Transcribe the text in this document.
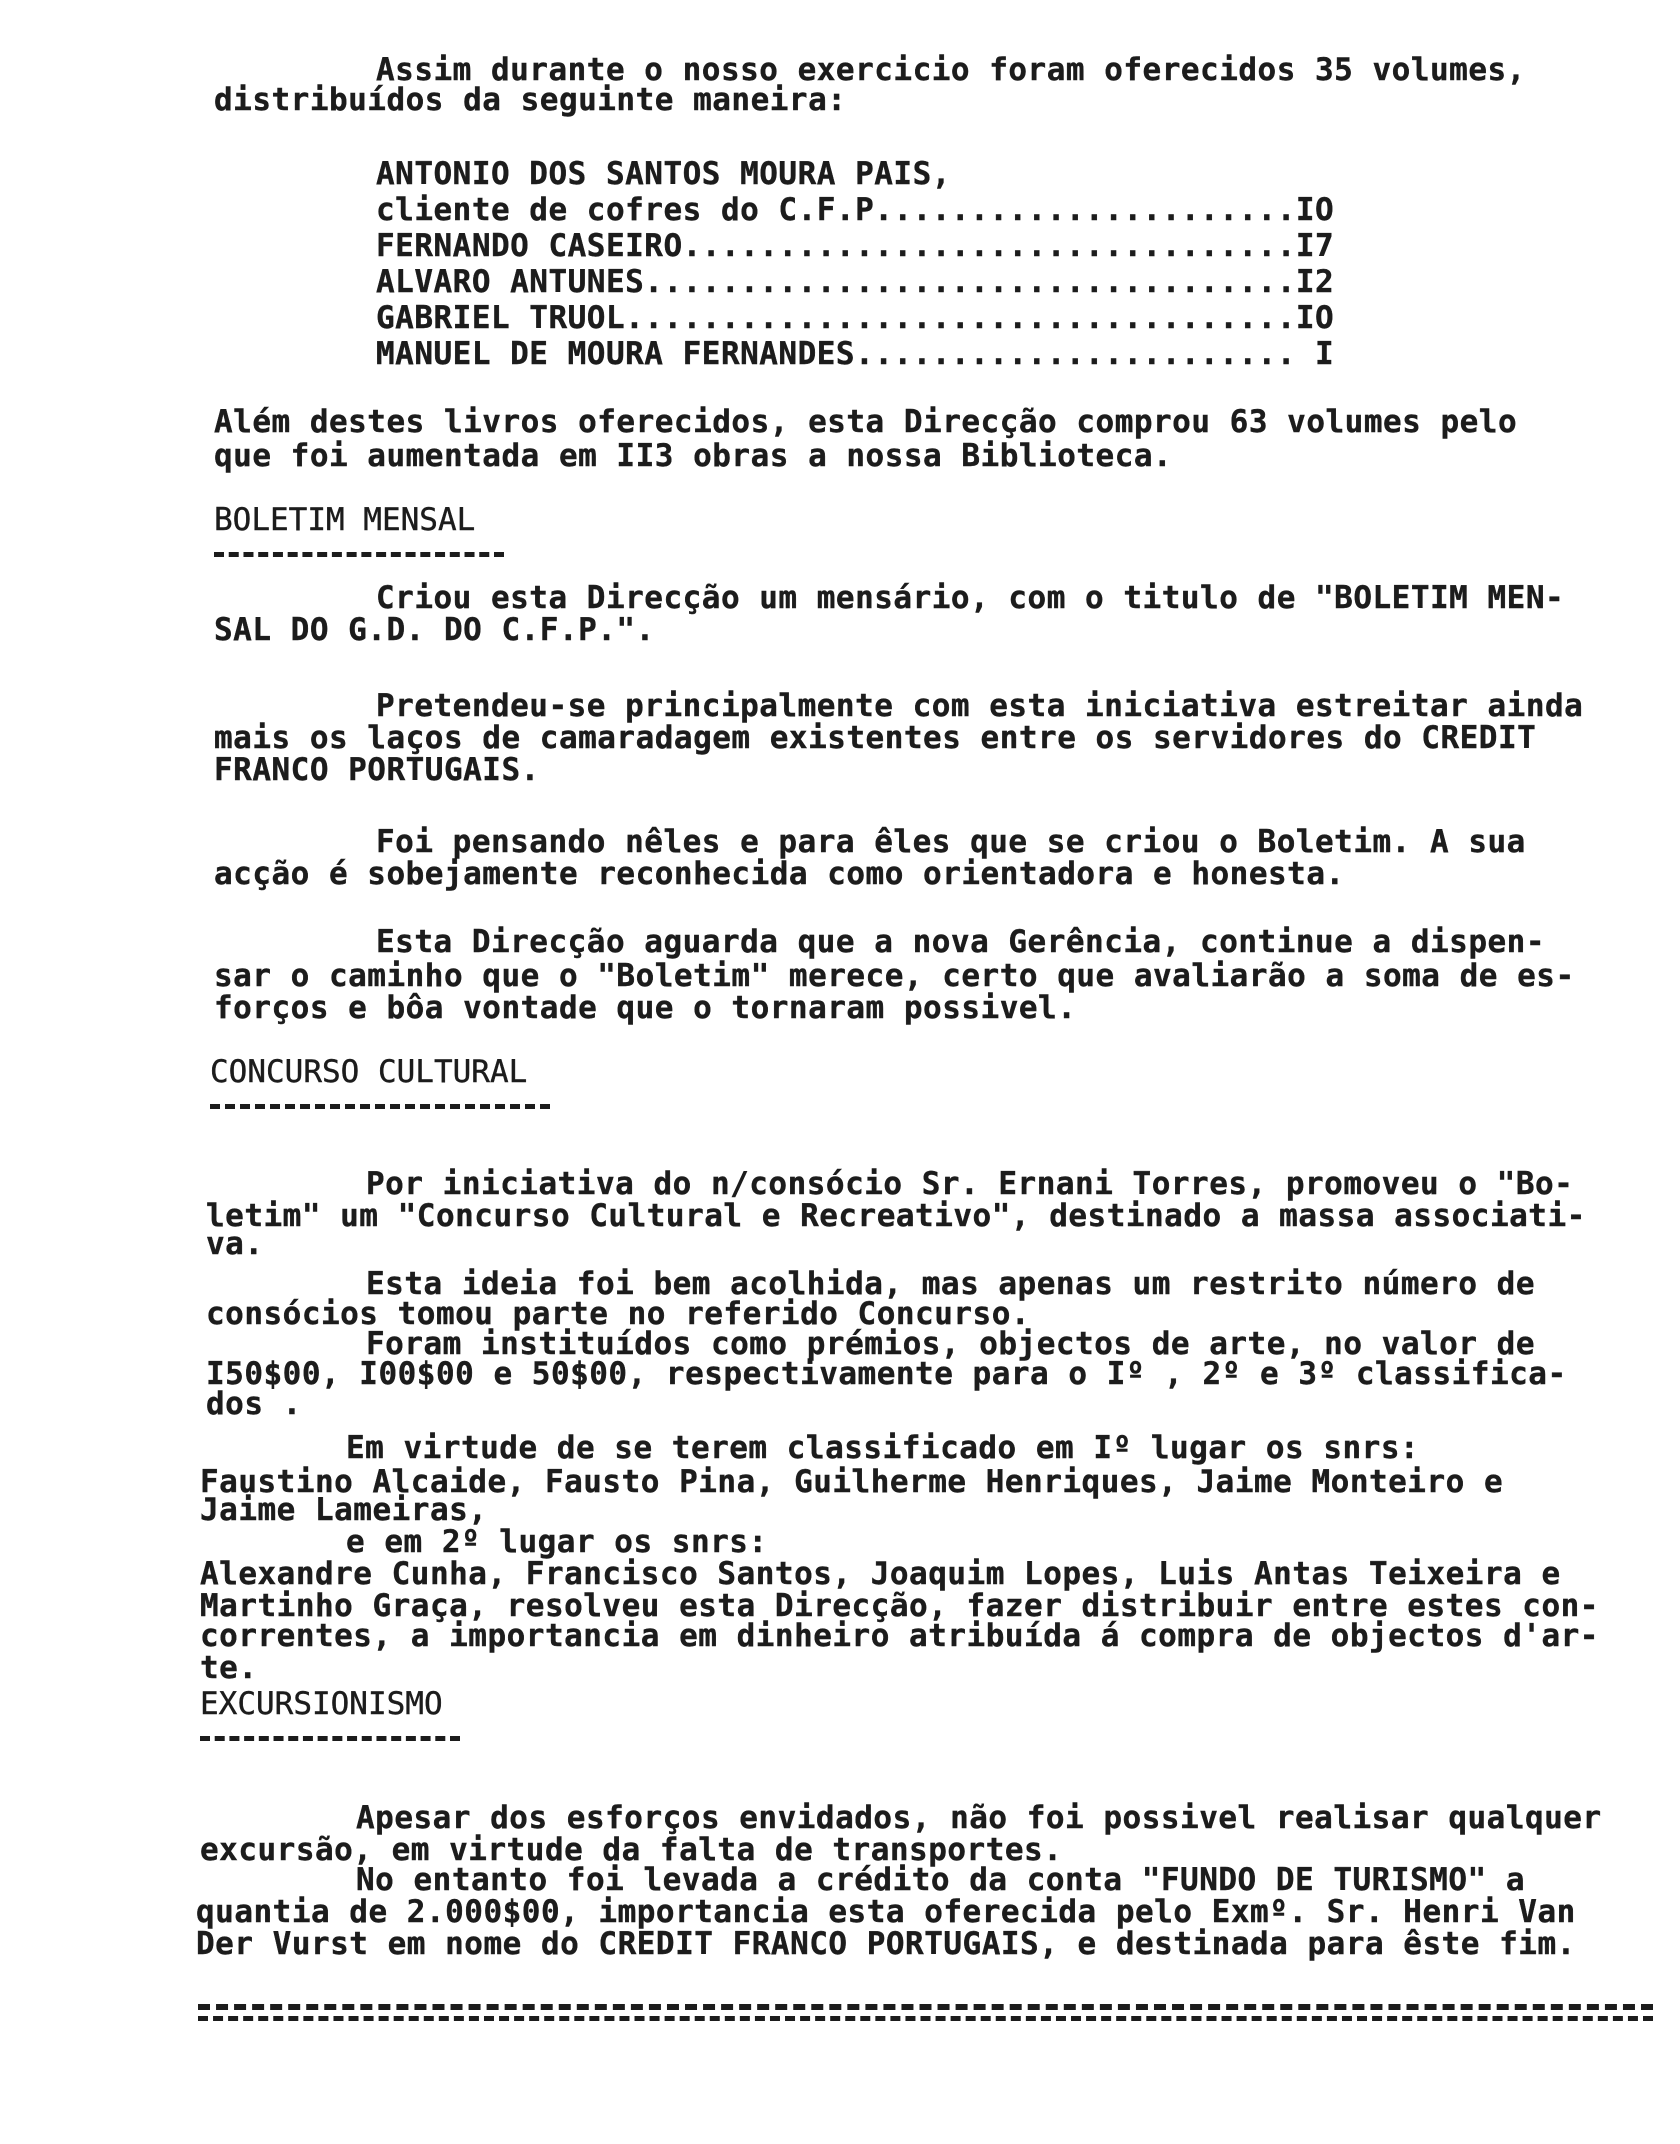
Assim durante o nosso exercicio foram oferecidos 35 volumes,
distribuídos da seguinte maneira:
ANTONIO DOS SANTOS MOURA PAIS,
cliente de cofres do C.F.P......................IO
FERNANDO CASEIRO................................I7
ALVARO ANTUNES..................................I2
GABRIEL TRUOL...................................IO
MANUEL DE MOURA FERNANDES....................... I
Além destes livros oferecidos, esta Direcção comprou 63 volumes pelo
que foi aumentada em II3 obras a nossa Biblioteca.
BOLETIM MENSAL
Criou esta Direcção um mensário, com o titulo de "BOLETIM MEN-
SAL DO G.D. DO C.F.P.".
Pretendeu-se principalmente com esta iniciativa estreitar ainda
mais os laços de camaradagem existentes entre os servidores do CREDIT
FRANCO PORTUGAIS.
Foi pensando nêles e para êles que se criou o Boletim. A sua
acção é sobejamente reconhecida como orientadora e honesta.
Esta Direcção aguarda que a nova Gerência, continue a dispen-
sar o caminho que o "Boletim" merece, certo que avaliarão a soma de es-
forços e bôa vontade que o tornaram possivel.
CONCURSO CULTURAL
Por iniciativa do n/consócio Sr. Ernani Torres, promoveu o "Bo-
letim" um "Concurso Cultural e Recreativo", destinado a massa associati-
va.
Esta ideia foi bem acolhida, mas apenas um restrito número de
consócios tomou parte no referido Concurso.
Foram instituídos como prémios, objectos de arte, no valor de
I50$00, I00$00 e 50$00, respectivamente para o Iº , 2º e 3º classifica-
dos .
Em virtude de se terem classificado em Iº lugar os snrs:
Faustino Alcaide, Fausto Pina, Guilherme Henriques, Jaime Monteiro e
Jaime Lameiras,
e em 2º lugar os snrs:
Alexandre Cunha, Francisco Santos, Joaquim Lopes, Luis Antas Teixeira e
Martinho Graça, resolveu esta Direcção, fazer distribuir entre estes con-
correntes, a importancia em dinheiro atribuída á compra de objectos d'ar-
te.
EXCURSIONISMO
Apesar dos esforços envidados, não foi possivel realisar qualquer
excursão, em virtude da falta de transportes.
No entanto foi levada a crédito da conta "FUNDO DE TURISMO" a
quantia de 2.000$00, importancia esta oferecida pelo Exmº. Sr. Henri Van
Der Vurst em nome do CREDIT FRANCO PORTUGAIS, e destinada para êste fim.
